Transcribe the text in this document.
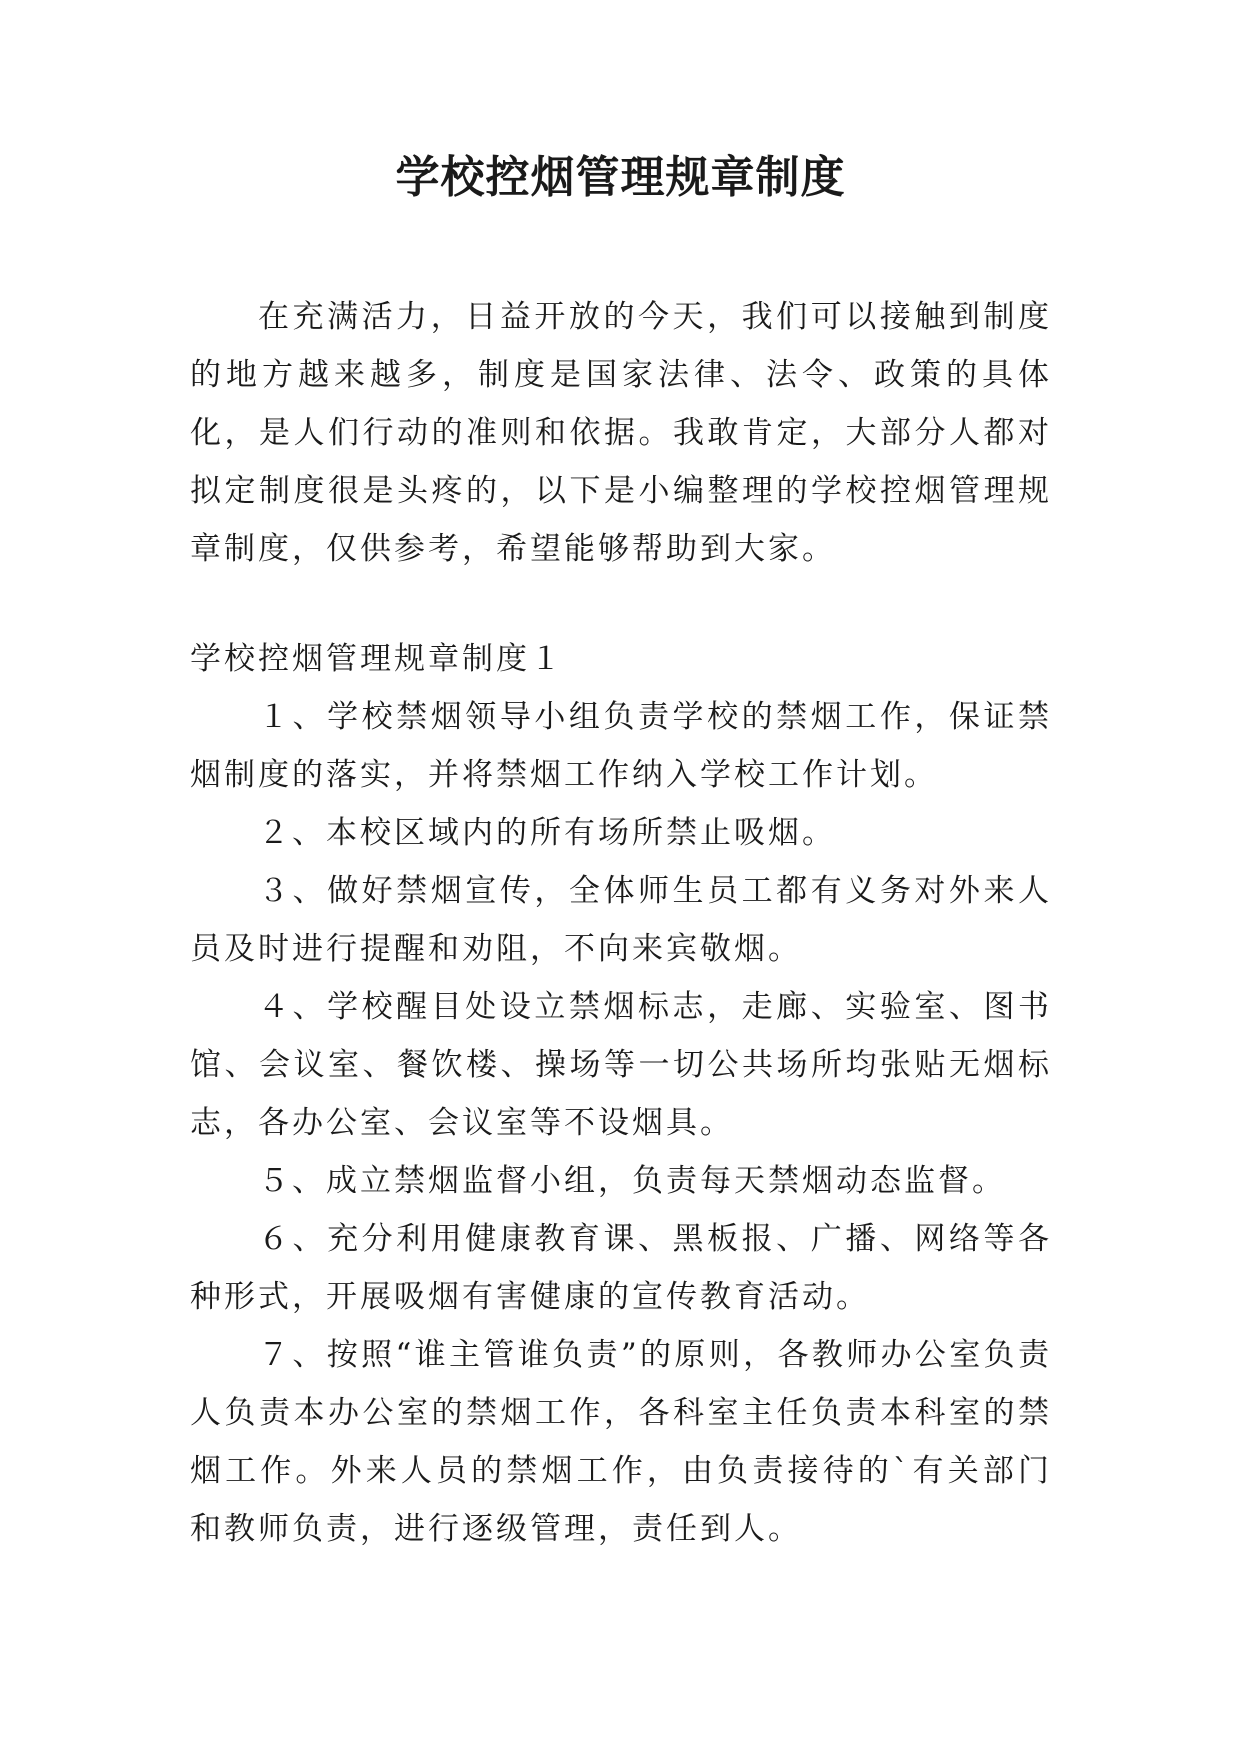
学校控烟管理规章制度

在充满活力，日益开放的今天，我们可以接触到制度的地方越来越多，制度是国家法律、法令、政策的具体化，是人们行动的准则和依据。我敢肯定，大部分人都对拟定制度很是头疼的，以下是小编整理的学校控烟管理规章制度，仅供参考，希望能够帮助到大家。

学校控烟管理规章制度１
１、学校禁烟领导小组负责学校的禁烟工作，保证禁烟制度的落实，并将禁烟工作纳入学校工作计划。
２、本校区域内的所有场所禁止吸烟。
３、做好禁烟宣传，全体师生员工都有义务对外来人员及时进行提醒和劝阻，不向来宾敬烟。
４、学校醒目处设立禁烟标志，走廊、实验室、图书馆、会议室、餐饮楼、操场等一切公共场所均张贴无烟标志，各办公室、会议室等不设烟具。
５、成立禁烟监督小组，负责每天禁烟动态监督。
６、充分利用健康教育课、黑板报、广播、网络等各种形式，开展吸烟有害健康的宣传教育活动。
７、按照“谁主管谁负责”的原则，各教师办公室负责人负责本办公室的禁烟工作，各科室主任负责本科室的禁烟工作。外来人员的禁烟工作，由负责接待的`有关部门和教师负责，进行逐级管理，责任到人。
